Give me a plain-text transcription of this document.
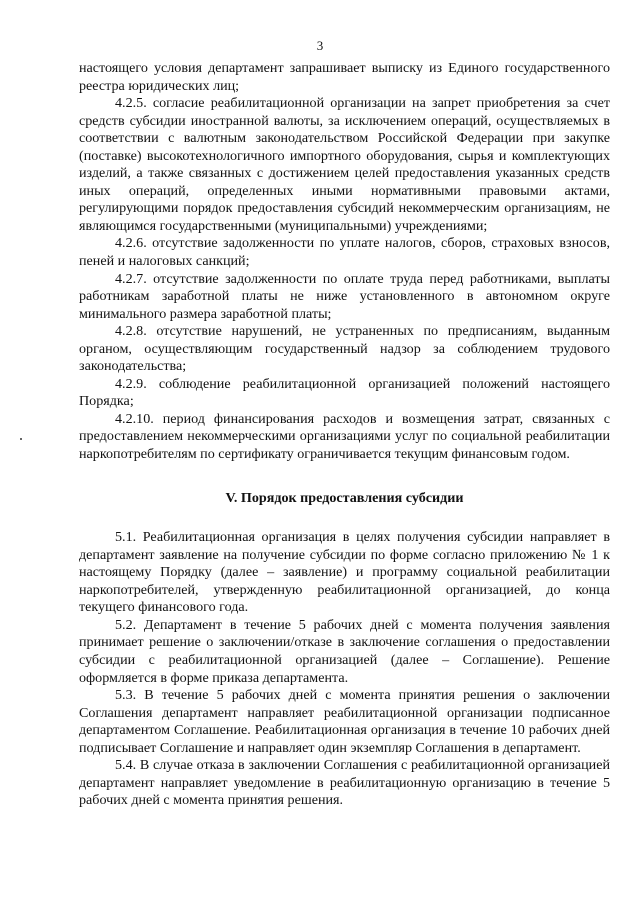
3

настоящего условия департамент запрашивает выписку из Единого государственного реестра юридических лиц;

4.2.5. согласие реабилитационной организации на запрет приобретения за счет средств субсидии иностранной валюты, за исключением операций, осуществляемых в соответствии с валютным законодательством Российской Федерации при закупке (поставке) высокотехнологичного импортного оборудования, сырья и комплектующих изделий, а также связанных с достижением целей предоставления указанных средств иных операций, определенных иными нормативными правовыми актами, регулирующими порядок предоставления субсидий некоммерческим организациям, не являющимся государственными (муниципальными) учреждениями;

4.2.6. отсутствие задолженности по уплате налогов, сборов, страховых взносов, пеней и налоговых санкций;

4.2.7. отсутствие задолженности по оплате труда перед работниками, выплаты работникам заработной платы не ниже установленного в автономном округе минимального размера заработной платы;

4.2.8. отсутствие нарушений, не устраненных по предписаниям, выданным органом, осуществляющим государственный надзор за соблюдением трудового законодательства;

4.2.9. соблюдение реабилитационной организацией положений настоящего Порядка;

4.2.10. период финансирования расходов и возмещения затрат, связанных с предоставлением некоммерческими организациями услуг по социальной реабилитации наркопотребителям по сертификату ограничивается текущим финансовым годом.

V. Порядок предоставления субсидии

5.1. Реабилитационная организация в целях получения субсидии направляет в департамент заявление на получение субсидии по форме согласно приложению № 1 к настоящему Порядку (далее – заявление) и программу социальной реабилитации наркопотребителей, утвержденную реабилитационной организацией, до конца текущего финансового года.

5.2. Департамент в течение 5 рабочих дней с момента получения заявления принимает решение о заключении/отказе в заключение соглашения о предоставлении субсидии с реабилитационной организацией (далее – Соглашение). Решение оформляется в форме приказа департамента.

5.3. В течение 5 рабочих дней с момента принятия решения о заключении Соглашения департамент направляет реабилитационной организации подписанное департаментом Соглашение. Реабилитационная организация в течение 10 рабочих дней подписывает Соглашение и направляет один экземпляр Соглашения в департамент.

5.4. В случае отказа в заключении Соглашения с реабилитационной организацией департамент направляет уведомление в реабилитационную организацию в течение 5 рабочих дней с момента принятия решения.
